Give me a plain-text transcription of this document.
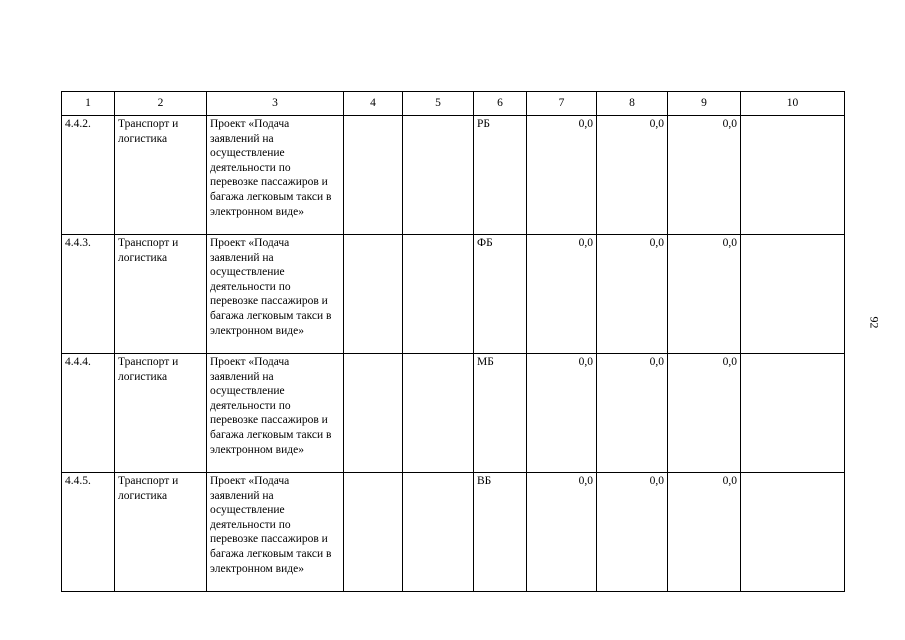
1	2	3	4	5	6	7	8	9	10
4.4.2.	Транспорт и логистика	Проект «Подача заявлений на осуществление деятельности по перевозке пассажиров и багажа легковым такси в электронном виде»			РБ	0,0	0,0	0,0	
4.4.3.	Транспорт и логистика	Проект «Подача заявлений на осуществление деятельности по перевозке пассажиров и багажа легковым такси в электронном виде»			ФБ	0,0	0,0	0,0	
4.4.4.	Транспорт и логистика	Проект «Подача заявлений на осуществление деятельности по перевозке пассажиров и багажа легковым такси в электронном виде»			МБ	0,0	0,0	0,0	
4.4.5.	Транспорт и логистика	Проект «Подача заявлений на осуществление деятельности по перевозке пассажиров и багажа легковым такси в электронном виде»			ВБ	0,0	0,0	0,0	
92
